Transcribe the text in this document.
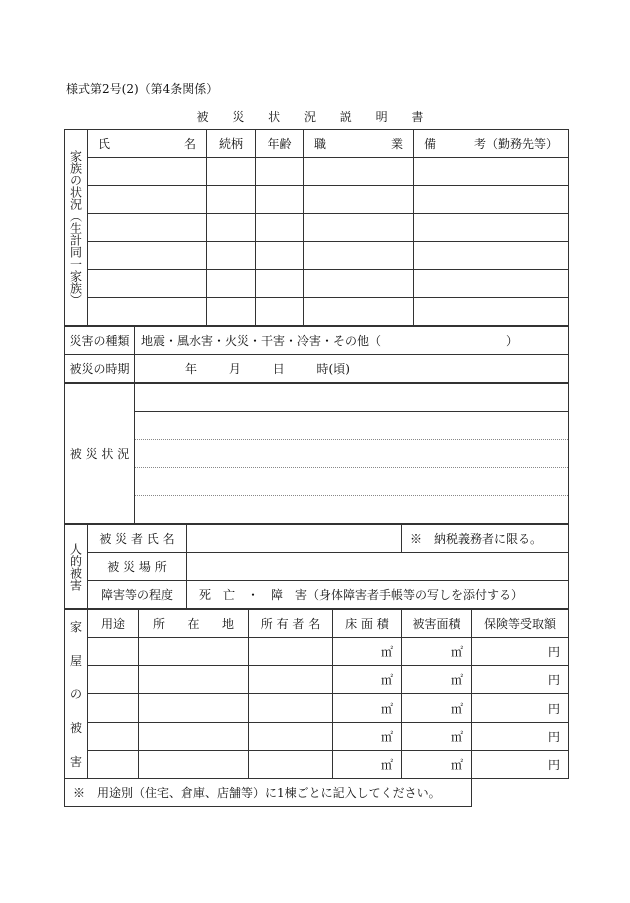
様式第2号(2)（第4条関係）
被 災 状 況 説 明 書
家族の状況（生計同一家族）	氏 名	続柄	年齢	職 業	備 考（勤務先等）

災害の種類	地震・風水害・火災・干害・冷害・その他（ ）

被災の時期	年 月 日 時(頃)
被 災 状 況	

人的被害	被 災 者 氏 名		※　納税義務者に限る。
	被 災 場 所		
	障害等の程度	死　亡　・　障　害（身体障害者手帳等の写しを添付する）	
家
屋
の
被
害	用途	所 在 地	所 有 者 名	床 面 積	被害面積	保険等受取額
				㎡	㎡	円
				㎡	㎡	円
				㎡	㎡	円
				㎡	㎡	円
				㎡	㎡	円
※　用途別（住宅、倉庫、店舗等）に1棟ごとに記入してください。						
